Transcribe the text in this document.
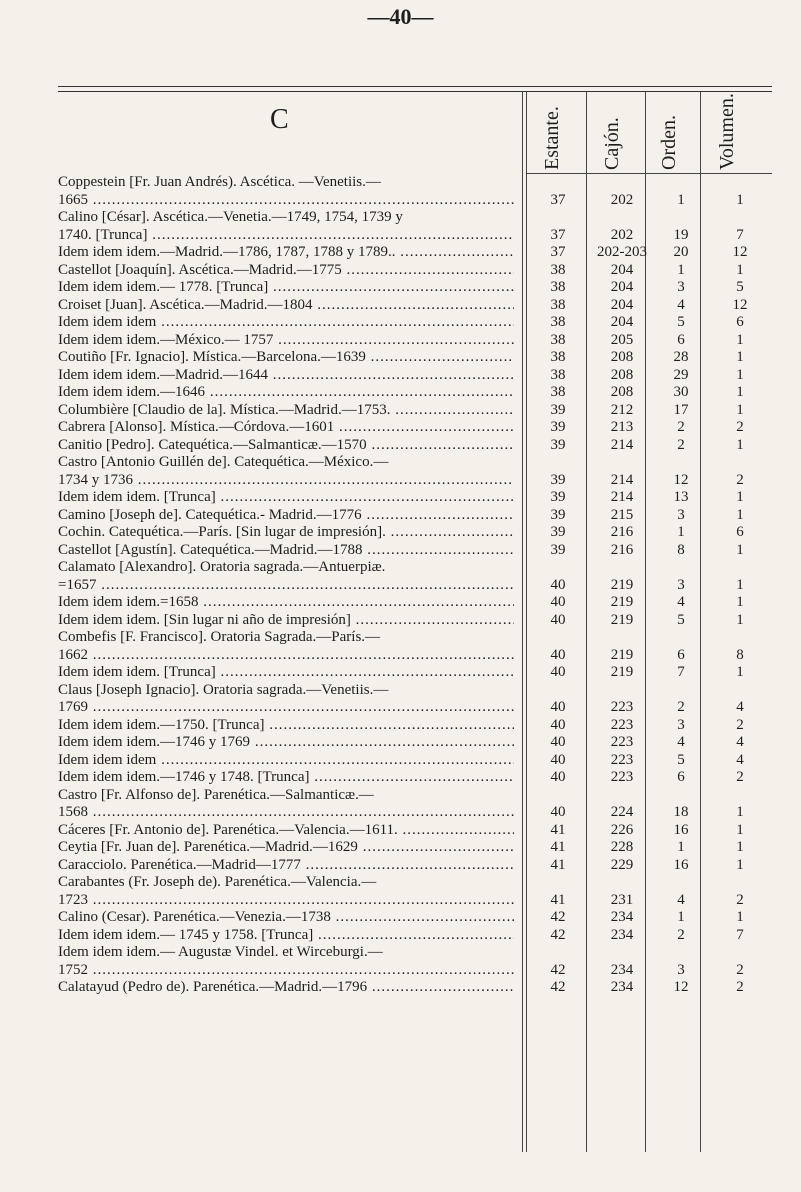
—40—
C	Estante. Cajón. Orden. Volumen.
Coppestein [Fr. Juan Andrés). Ascética. —Venetiis.—
1665 .....	37	202	1	1
Calino [César]. Ascética.—Venetia.—1749, 1754, 1739 y
1740. [Trunca] .....	37	202	19	7
Idem idem idem.—Madrid.—1786, 1787, 1788 y 1789.. .....	37	202-203	20	12
Castellot [Joaquín]. Ascética.—Madrid.—1775 .....	38	204	1	1
Idem idem idem.— 1778. [Trunca] .....	38	204	3	5
Croiset [Juan]. Ascética.—Madrid.—1804 .....	38	204	4	12
Idem idem idem .....	38	204	5	6
Idem idem idem.—México.— 1757 .....	38	205	6	1
Coutiño [Fr. Ignacio]. Mística.—Barcelona.—1639 .....	38	208	28	1
Idem idem idem.—Madrid.—1644 .....	38	208	29	1
Idem idem idem.—1646 .....	38	208	30	1
Columbière [Claudio de la]. Mística.—Madrid.—1753. .....	39	212	17	1
Cabrera [Alonso]. Mística.—Córdova.—1601 .....	39	213	2	2
Canitio [Pedro]. Catequética.—Salmanticæ.—1570 .....	39	214	2	1
Castro [Antonio Guillén de]. Catequética.—México.—
1734 y 1736 .....	39	214	12	2
Idem idem idem. [Trunca] .....	39	214	13	1
Camino [Joseph de]. Catequética.- Madrid.—1776 .....	39	215	3	1
Cochin. Catequética.—París. [Sin lugar de impresión]. .....	39	216	1	6
Castellot [Agustín]. Catequética.—Madrid.—1788 .....	39	216	8	1
Calamato [Alexandro]. Oratoria sagrada.—Antuerpiæ.
=1657 .....	40	219	3	1
Idem idem idem.=1658 .....	40	219	4	1
Idem idem idem. [Sin lugar ni año de impresión] .....	40	219	5	1
Combefis [F. Francisco]. Oratoria Sagrada.—París.—
1662 .....	40	219	6	8
Idem idem idem. [Trunca] .....	40	219	7	1
Claus [Joseph Ignacio]. Oratoria sagrada.—Venetiis.—
1769 .....	40	223	2	4
Idem idem idem.—1750. [Trunca] .....	40	223	3	2
Idem idem idem.—1746 y 1769 .....	40	223	4	4
Idem idem idem .....	40	223	5	4
Idem idem idem.—1746 y 1748. [Trunca] .....	40	223	6	2
Castro [Fr. Alfonso de]. Parenética.—Salmanticæ.—
1568 .....	40	224	18	1
Cáceres [Fr. Antonio de]. Parenética.—Valencia.—1611. .....	41	226	16	1
Ceytia [Fr. Juan de]. Parenética.—Madrid.—1629 .....	41	228	1	1
Caracciolo. Parenética.—Madrid—1777 .....	41	229	16	1
Carabantes (Fr. Joseph de). Parenética.—Valencia.—
1723 .....	41	231	4	2
Calino (Cesar). Parenética.—Venezia.—1738 .....	42	234	1	1
Idem idem idem.— 1745 y 1758. [Trunca] .....	42	234	2	7
Idem idem idem.— Augustæ Vindel. et Wirceburgi.—
1752 .....	42	234	3	2
Calatayud (Pedro de). Parenética.—Madrid.—1796 .....	42	234	12	2
